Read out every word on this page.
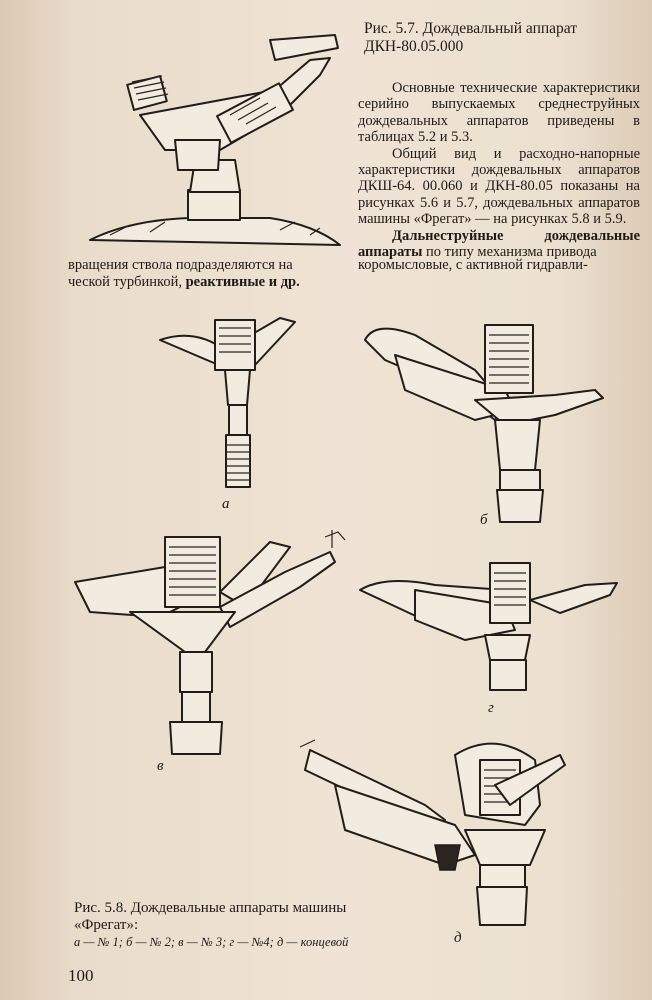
Рис. 5.7. Дождевальный аппарат
ДКН-80.05.000

Основные технические характеристики серийно выпускаемых среднеструйных дождевальных аппаратов приведены в таблицах 5.2 и 5.3.

Общий вид и расходно-напорные характеристики дождевальных аппаратов ДКШ-64. 00.060 и ДКН-80.05 показаны на рисунках 5.6 и 5.7, дождевальных аппаратов машины «Фрегат» — на рисунках 5.8 и 5.9.

Дальнеструйные дождевальные аппараты по типу механизма привода

вращения ствола подразделяются на
ческой турбинкой, реактивные и др.
коромысловые, с активной гидравли-
а
б
в
г
д
Рис. 5.8. Дождевальные аппараты машины «Фрегат»:
а — № 1; б — № 2; в — № 3; г — №4; д — концевой
100
